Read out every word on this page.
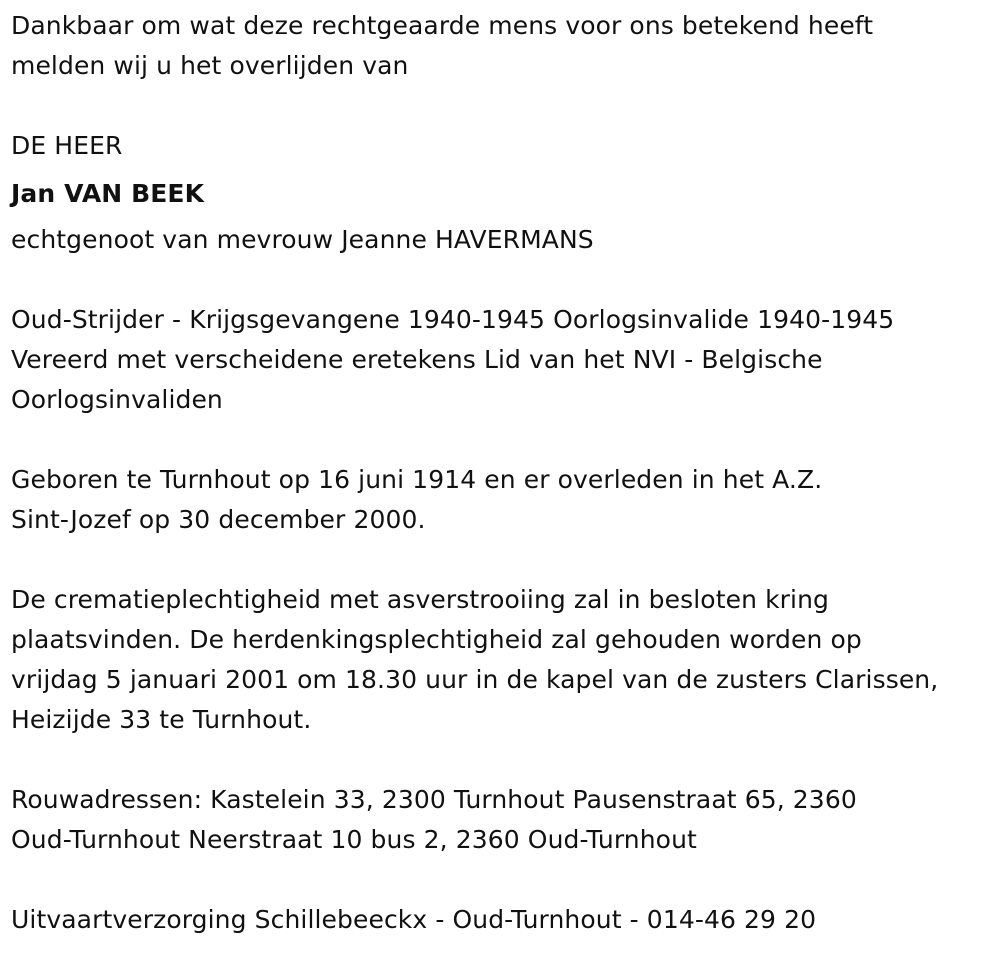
Dankbaar om wat deze rechtgeaarde mens voor ons betekend heeft
melden wij u het overlijden van
DE HEER
Jan VAN BEEK
echtgenoot van mevrouw Jeanne HAVERMANS
Oud-Strijder - Krijgsgevangene 1940-1945 Oorlogsinvalide 1940-1945
Vereerd met verscheidene eretekens Lid van het NVI - Belgische
Oorlogsinvaliden
Geboren te Turnhout op 16 juni 1914 en er overleden in het A.Z.
Sint-Jozef op 30 december 2000.
De crematieplechtigheid met asverstrooiing zal in besloten kring
plaatsvinden. De herdenkingsplechtigheid zal gehouden worden op
vrijdag 5 januari 2001 om 18.30 uur in de kapel van de zusters Clarissen,
Heizijde 33 te Turnhout.
Rouwadressen: Kastelein 33, 2300 Turnhout Pausenstraat 65, 2360
Oud-Turnhout Neerstraat 10 bus 2, 2360 Oud-Turnhout
Uitvaartverzorging Schillebeeckx - Oud-Turnhout - 014-46 29 20
